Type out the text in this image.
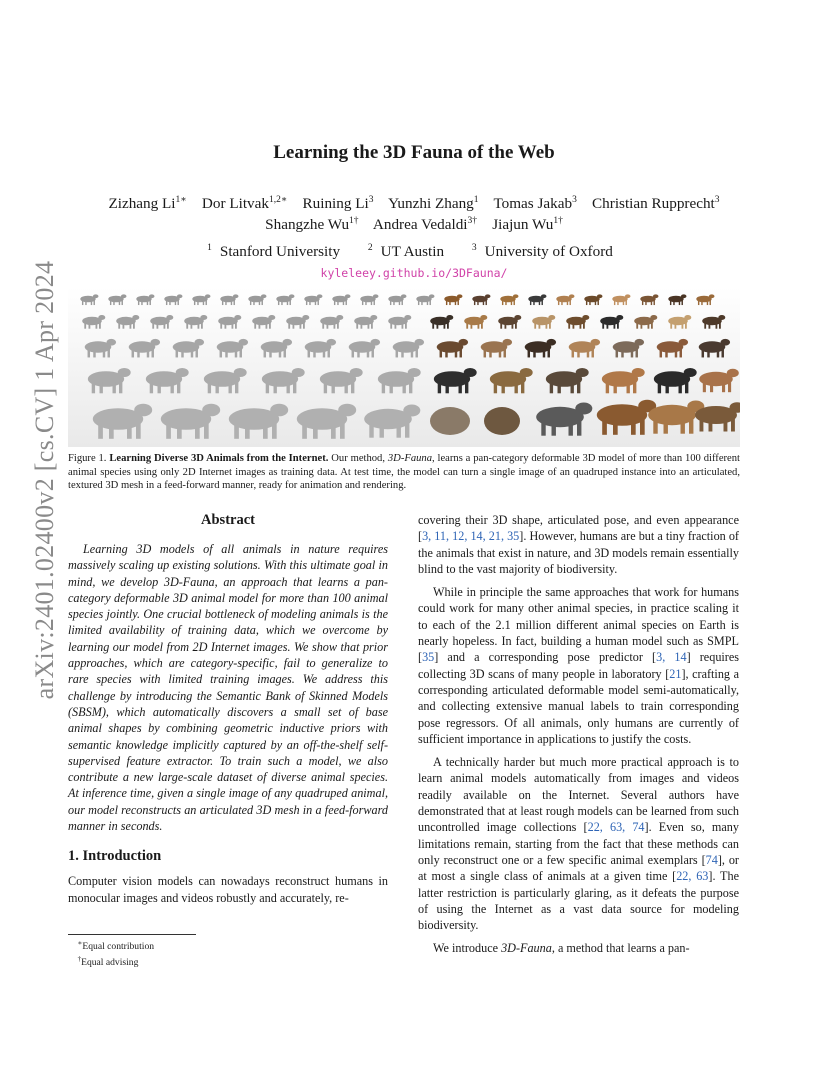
arXiv:2401.02400v2 [cs.CV] 1 Apr 2024
Learning the 3D Fauna of the Web
Zizhang $Li^{1∗}$ Dor Litvak$^{1,2∗}$ Ruining Li$^3$ Yunzhi Zhang$^1$ Tomas Jakab$^3$ Christian Rupprecht$^3$
Shangzhe $Wu^{1\dagger}$ Andrea Vedaldi$^{3\dagger}$ Jiajun $Wu^{1\dagger}$
$^1$ Stanford University	$^2$ UT Austin	$^3$ University of Oxford
kyleleey.github.io/3DFauna/
Figure 1. Learning Diverse 3D Animals from the Internet. Our method, 3D-Fauna, learns a pan-category deformable 3D model of more than 100 different animal species using only 2D Internet images as training data. At test time, the model can turn a single image of an quadruped instance into an articulated, textured 3D mesh in a feed-forward manner, ready for animation and rendering.
Abstract

Learning 3D models of all animals in nature requires massively scaling up existing solutions. With this ultimate goal in mind, we develop 3D-Fauna, an approach that learns a pan-category deformable 3D animal model for more than 100 animal species jointly. One crucial bottleneck of modeling animals is the limited availability of training data, which we overcome by learning our model from 2D Internet images. We show that prior approaches, which are category-specific, fail to generalize to rare species with limited training images. We address this challenge by introducing the Semantic Bank of Skinned Models (SBSM), which automatically discovers a small set of base animal shapes by combining geometric inductive priors with semantic knowledge implicitly captured by an off-the-shelf self-supervised feature extractor. To train such a model, we also contribute a new large-scale dataset of diverse animal species. At inference time, given a single image of any quadruped animal, our model reconstructs an articulated 3D mesh in a feed-forward manner in seconds.

1. Introduction

Computer vision models can nowadays reconstruct humans in monocular images and videos robustly and accurately, re-

∗Equal contribution
†Equal advising

covering their 3D shape, articulated pose, and even appearance [3, 11, 12, 14, 21, 35]. However, humans are but a tiny fraction of the animals that exist in nature, and 3D models remain essentially blind to the vast majority of biodiversity.

While in principle the same approaches that work for humans could work for many other animal species, in practice scaling it to each of the 2.1 million different animal species on Earth is nearly hopeless. In fact, building a human model such as SMPL [35] and a corresponding pose predictor [3, 14] requires collecting 3D scans of many people in laboratory [21], crafting a corresponding articulated deformable model semi-automatically, and collecting extensive manual labels to train corresponding pose regressors. Of all animals, only humans are currently of sufficient importance in applications to justify the costs.

A technically harder but much more practical approach is to learn animal models automatically from images and videos readily available on the Internet. Several authors have demonstrated that at least rough models can be learned from such uncontrolled image collections [22, 63, 74]. Even so, many limitations remain, starting from the fact that these methods can only reconstruct one or a few specific animal exemplars [74], or at most a single class of animals at a given time [22, 63]. The latter restriction is particularly glaring, as it defeats the purpose of using the Internet as a vast data source for modeling biodiversity.

We introduce 3D-Fauna, a method that learns a pan-
